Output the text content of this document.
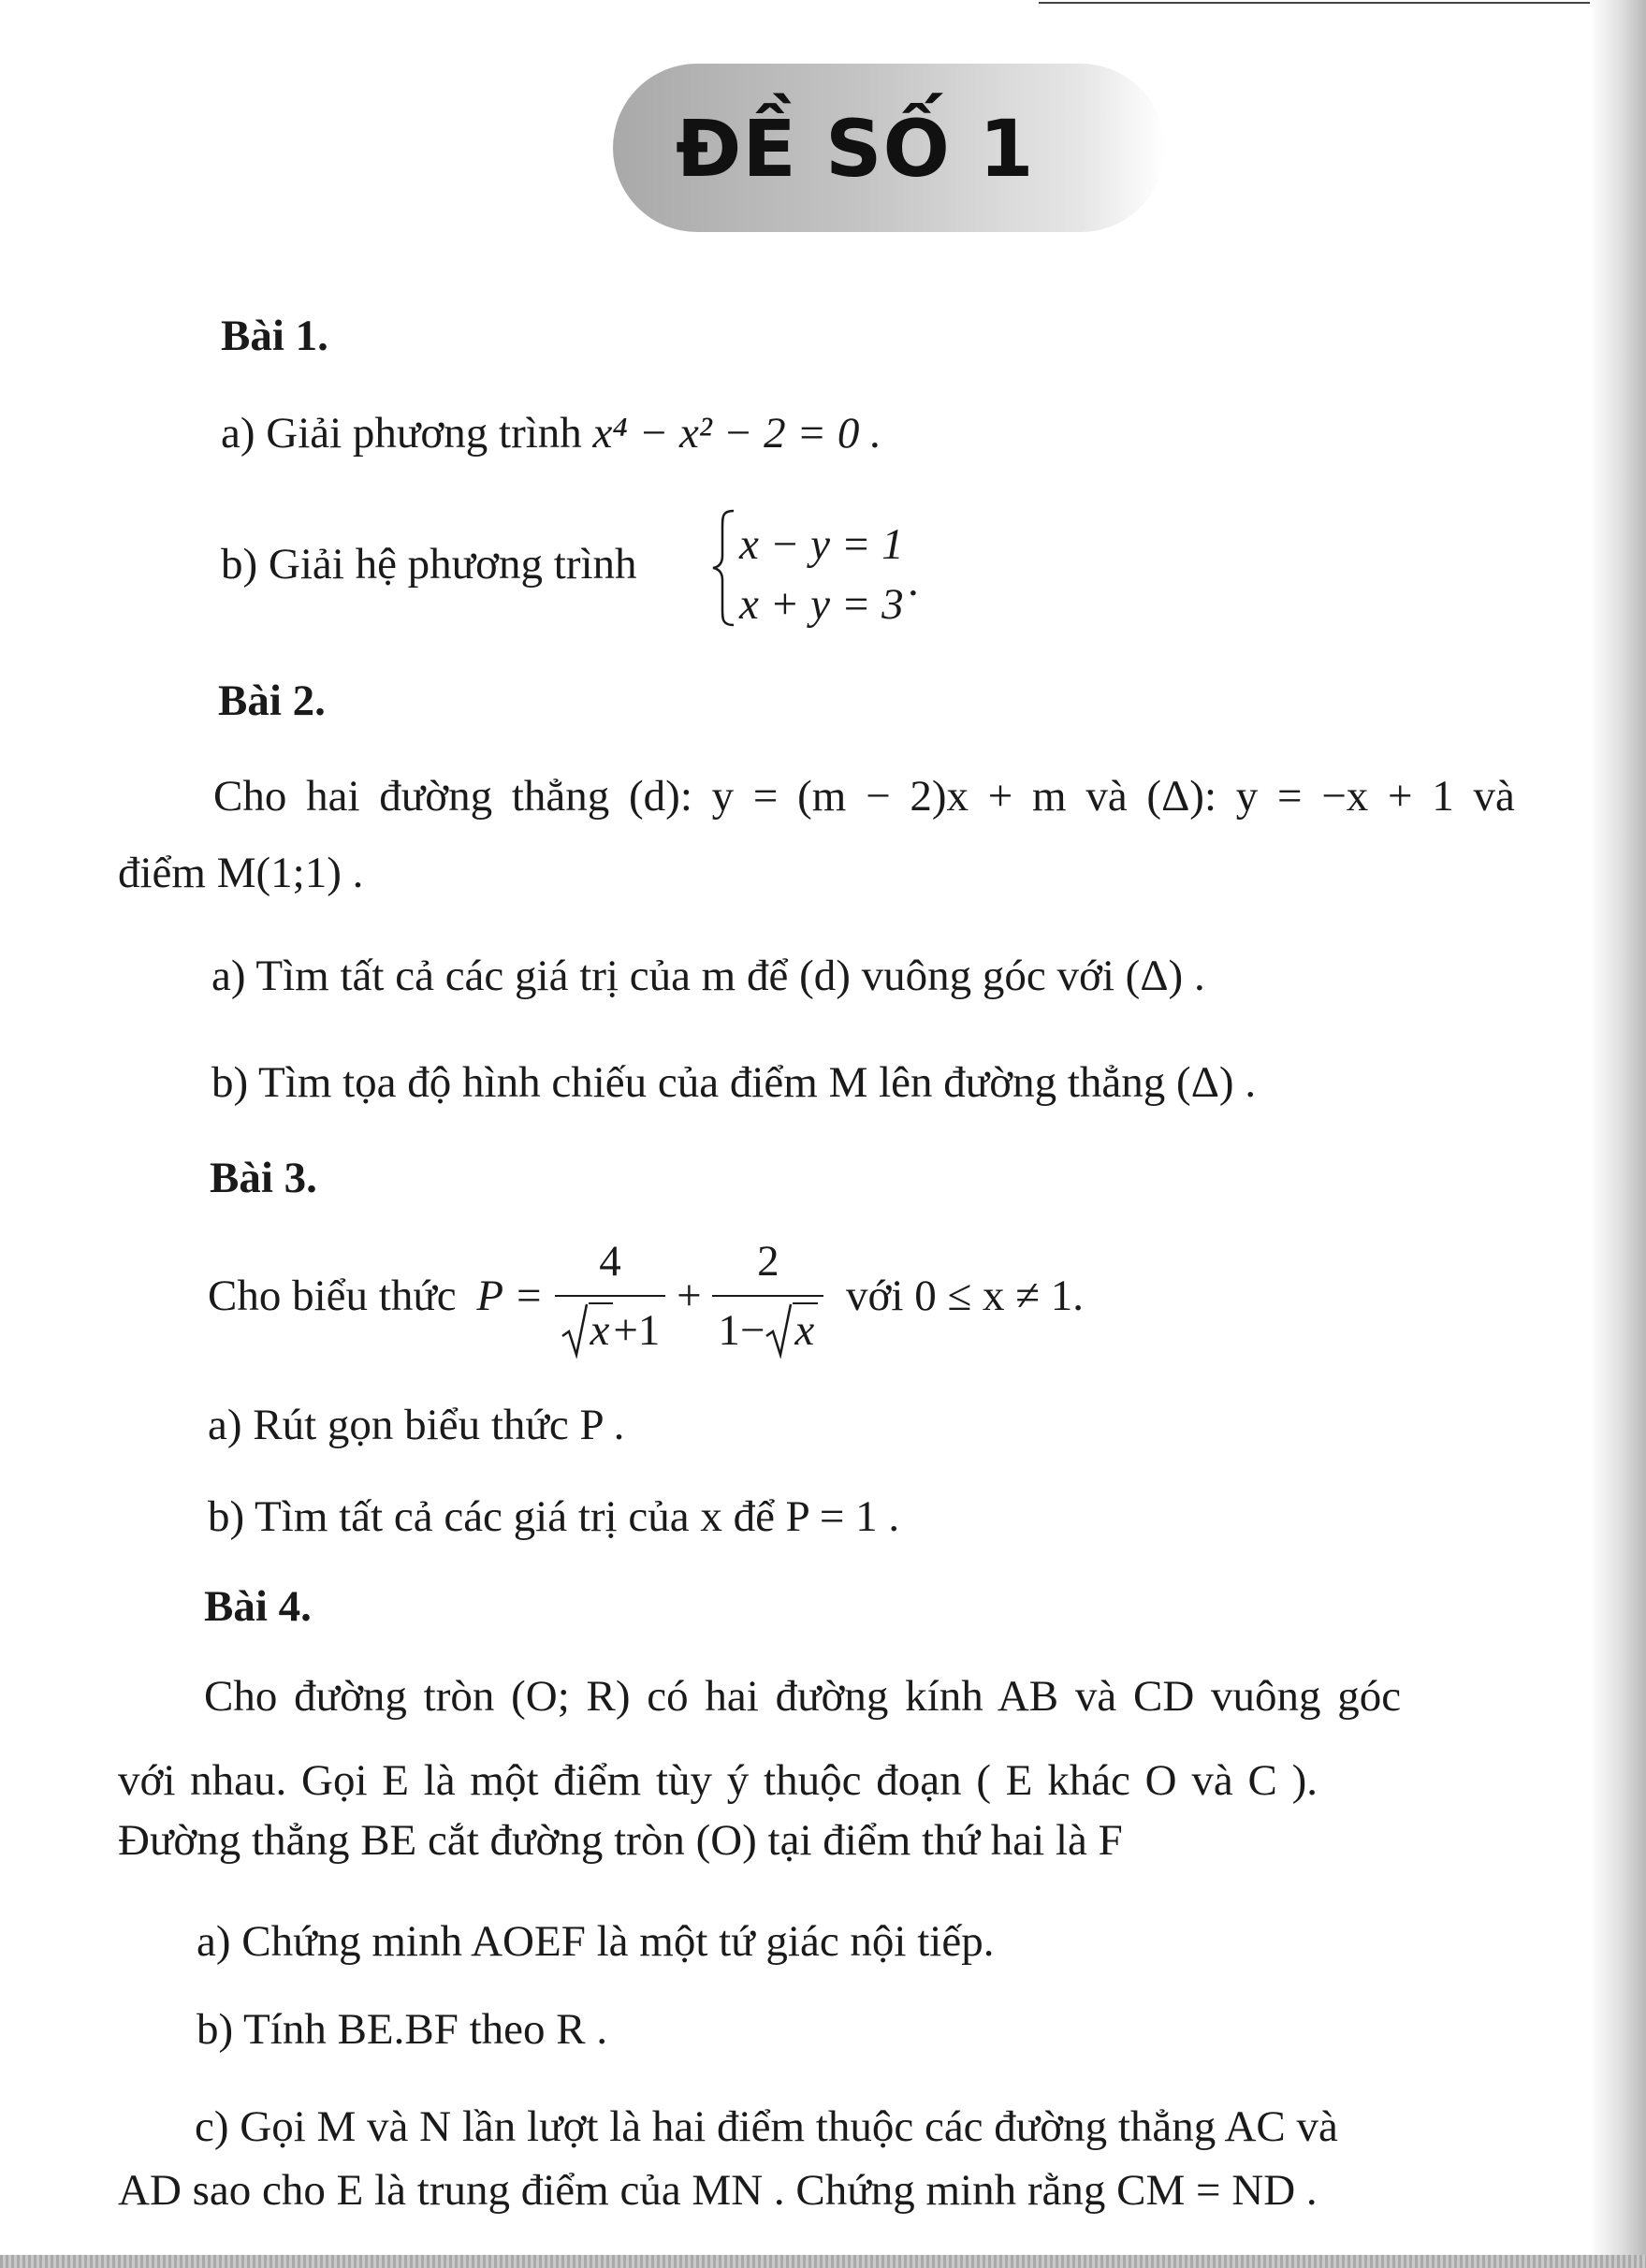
ĐỀ SỐ 1
Bài 1.
a) Giải phương trình x⁴ − x² − 2 = 0 .
b) Giải hệ phương trình x − y = 1
x + y = 3 .
Bài 2.
Cho hai đường thẳng (d): y = (m − 2)x + m và (Δ): y = −x + 1 và
điểm M(1;1) .
a) Tìm tất cả các giá trị của m để (d) vuông góc với (Δ) .
b) Tìm tọa độ hình chiếu của điểm M lên đường thẳng (Δ) .
Bài 3.
Cho biểu thức $P = \frac{4}{x+1} + \frac{2}{1- x}$ với 0 ≤ x ≠ 1.
a) Rút gọn biểu thức P .
b) Tìm tất cả các giá trị của x để P = 1 .
Bài 4.
Cho đường tròn (O; R) có hai đường kính AB và CD vuông góc
với nhau. Gọi E là một điểm tùy ý thuộc đoạn ( E khác O và C ).
Đường thẳng BE cắt đường tròn (O) tại điểm thứ hai là F
a) Chứng minh AOEF là một tứ giác nội tiếp.
b) Tính BE.BF theo R .
c) Gọi M và N lần lượt là hai điểm thuộc các đường thẳng AC và
AD sao cho E là trung điểm của MN . Chứng minh rằng CM = ND .
